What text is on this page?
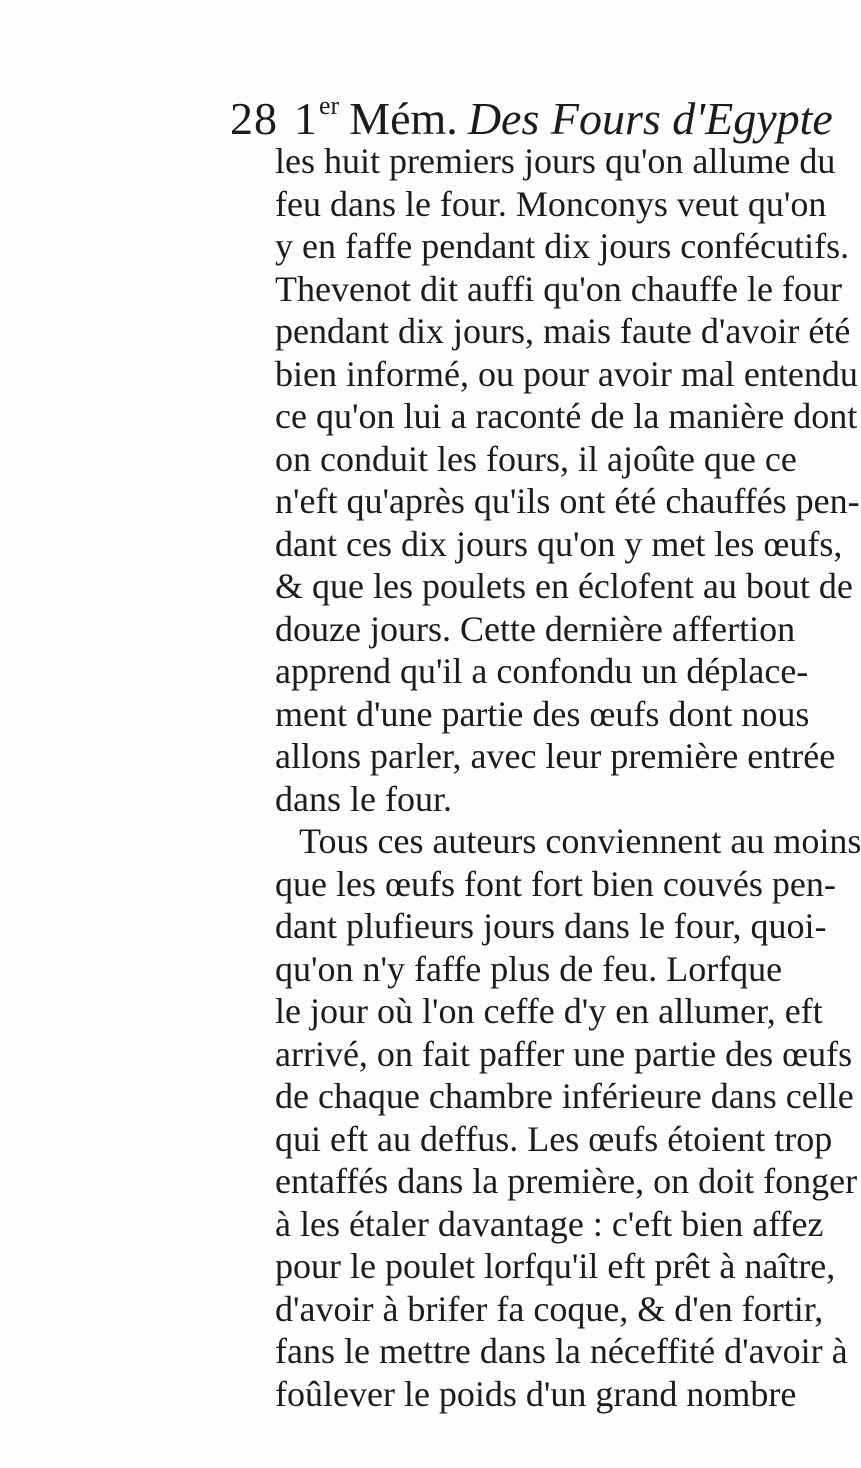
28 1er Mém. Des Fours d'Egypte
les huit premiers jours qu'on allume du
feu dans le four. Monconys veut qu'on
y en faffe pendant dix jours confécutifs.
Thevenot dit auffi qu'on chauffe le four
pendant dix jours, mais faute d'avoir été
bien informé, ou pour avoir mal entendu
ce qu'on lui a raconté de la manière dont
on conduit les fours, il ajoûte que ce
n'eft qu'après qu'ils ont été chauffés pen-
dant ces dix jours qu'on y met les œufs,
& que les poulets en éclofent au bout de
douze jours. Cette dernière affertion
apprend qu'il a confondu un déplace-
ment d'une partie des œufs dont nous
allons parler, avec leur première entrée
dans le four.
Tous ces auteurs conviennent au moins
que les œufs font fort bien couvés pen-
dant plufieurs jours dans le four, quoi-
qu'on n'y faffe plus de feu. Lorfque
le jour où l'on ceffe d'y en allumer, eft
arrivé, on fait paffer une partie des œufs
de chaque chambre inférieure dans celle
qui eft au deffus. Les œufs étoient trop
entaffés dans la première, on doit fonger
à les étaler davantage : c'eft bien affez
pour le poulet lorfqu'il eft prêt à naître,
d'avoir à brifer fa coque, & d'en fortir,
fans le mettre dans la néceffité d'avoir à
foûlever le poids d'un grand nombre
